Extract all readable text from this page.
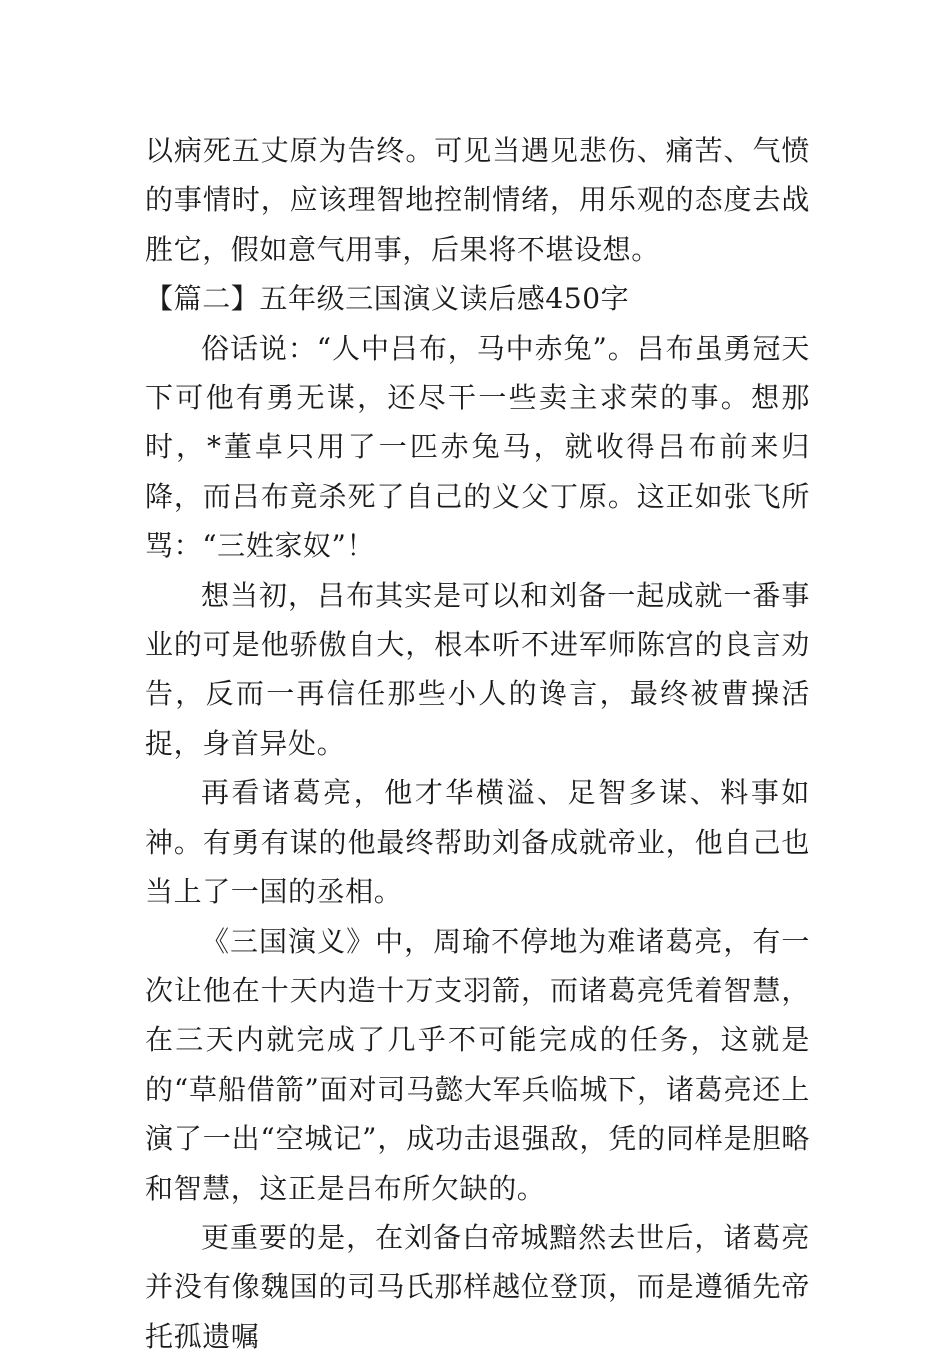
以病死五丈原为告终。可见当遇见悲伤、痛苦、气愤的事情时，应该理智地控制情绪，用乐观的态度去战胜它，假如意气用事，后果将不堪设想。

【篇二】五年级三国演义读后感450字

俗话说：“人中吕布，马中赤兔”。吕布虽勇冠天下可他有勇无谋，还尽干一些卖主求荣的事。想那时，*董卓只用了一匹赤兔马，就收得吕布前来归降，而吕布竟杀死了自己的义父丁原。这正如张飞所骂：“三姓家奴”！

想当初，吕布其实是可以和刘备一起成就一番事业的可是他骄傲自大，根本听不进军师陈宫的良言劝告，反而一再信任那些小人的谗言，最终被曹操活捉，身首异处。

再看诸葛亮，他才华横溢、足智多谋、料事如神。有勇有谋的他最终帮助刘备成就帝业，他自己也当上了一国的丞相。

《三国演义》中，周瑜不停地为难诸葛亮，有一次让他在十天内造十万支羽箭，而诸葛亮凭着智慧，在三天内就完成了几乎不可能完成的任务，这就是的“草船借箭”面对司马懿大军兵临城下，诸葛亮还上演了一出“空城记”，成功击退强敌，凭的同样是胆略和智慧，这正是吕布所欠缺的。

更重要的是，在刘备白帝城黯然去世后，诸葛亮并没有像魏国的司马氏那样越位登顶，而是遵循先帝托孤遗嘱
